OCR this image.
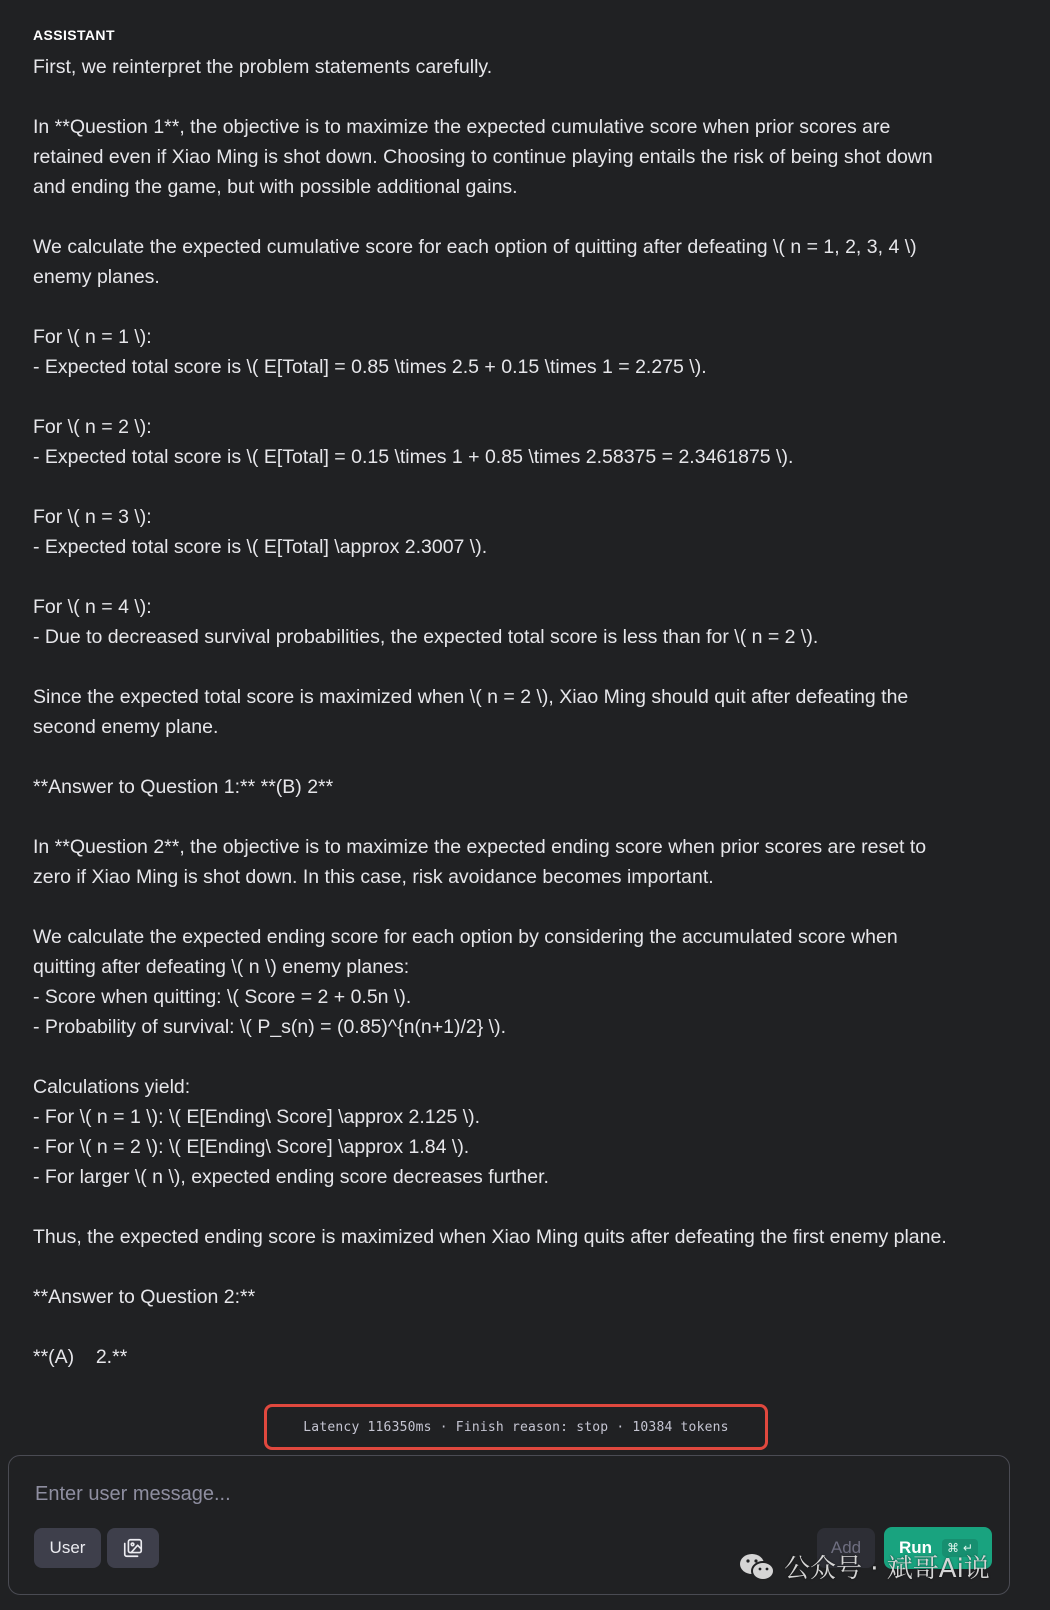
ASSISTANT
First, we reinterpret the problem statements carefully.
In **Question 1**, the objective is to maximize the expected cumulative score when prior scores are
retained even if Xiao Ming is shot down. Choosing to continue playing entails the risk of being shot down
and ending the game, but with possible additional gains.
We calculate the expected cumulative score for each option of quitting after defeating \( n = 1, 2, 3, 4 \)
enemy planes.
For \( n = 1 \):
- Expected total score is \( E[Total] = 0.85 \times 2.5 + 0.15 \times 1 = 2.275 \).
For \( n = 2 \):
- Expected total score is \( E[Total] = 0.15 \times 1 + 0.85 \times 2.58375 = 2.3461875 \).
For \( n = 3 \):
- Expected total score is \( E[Total] \approx 2.3007 \).
For \( n = 4 \):
- Due to decreased survival probabilities, the expected total score is less than for \( n = 2 \).
Since the expected total score is maximized when \( n = 2 \), Xiao Ming should quit after defeating the
second enemy plane.
**Answer to Question 1:** **(B) 2**
In **Question 2**, the objective is to maximize the expected ending score when prior scores are reset to
zero if Xiao Ming is shot down. In this case, risk avoidance becomes important.
We calculate the expected ending score for each option by considering the accumulated score when
quitting after defeating \( n \) enemy planes:
- Score when quitting: \( Score = 2 + 0.5n \).
- Probability of survival: \( P_s(n) = (0.85)^{n(n+1)/2} \).
Calculations yield:
- For \( n = 1 \): \( E[Ending\ Score] \approx 2.125 \).
- For \( n = 2 \): \( E[Ending\ Score] \approx 1.84 \).
- For larger \( n \), expected ending score decreases further.
Thus, the expected ending score is maximized when Xiao Ming quits after defeating the first enemy plane.
**Answer to Question 2:**
**(A)    2.**
Latency 116350ms · Finish reason: stop · 10384 tokens
Enter user message...
User	Add Run	⌘ ↵
公众号 · 斌哥Ai说
